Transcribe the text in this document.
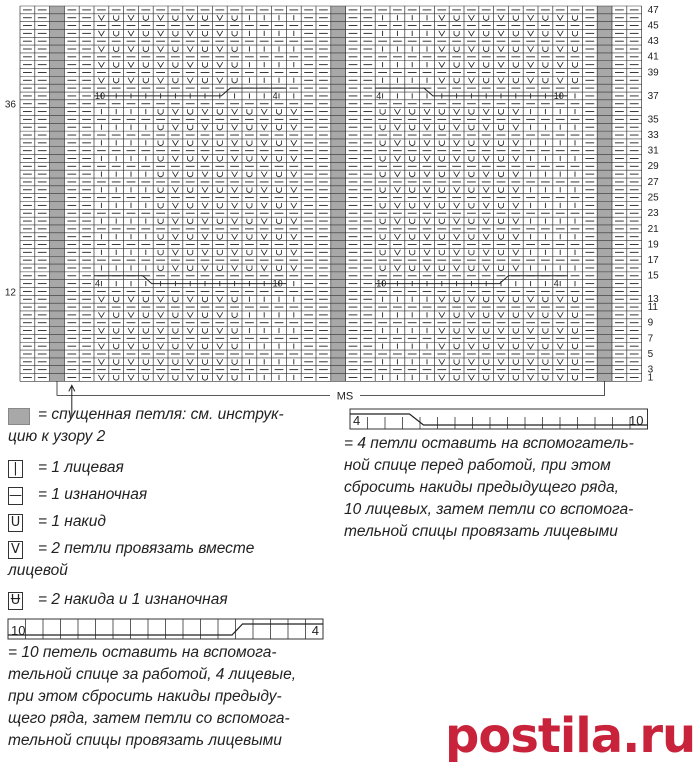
10	4	4	10
4	10	10	4
47
45
43
41
39
37
35
33
31
29
27
25
23
21
19
17
15
13
11
9
7
5
3
1
36
12
MS
= спущенная петля: см. инструк-
цию к узору 2
|	= 1 лицевая
— = 1 изнаночная
U = 1 накид
V	= 2 петли провязать вместе
лицевой
Ʉ = 2 накида и 1 изнаночная
10	4
= 10 петель оставить на вспомога-
тельной спице за работой, 4 лицевые,
при этом сбросить накиды предыду-
щего ряда, затем петли со вспомога-
тельной спицы провязать лицевыми
4	10
= 4 петли оставить на вспомогатель-
ной спице перед работой, при этом
сбросить накиды предыдущего ряда,
10 лицевых, затем петли со вспомога-
тельной спицы провязать лицевыми
postila.ru
